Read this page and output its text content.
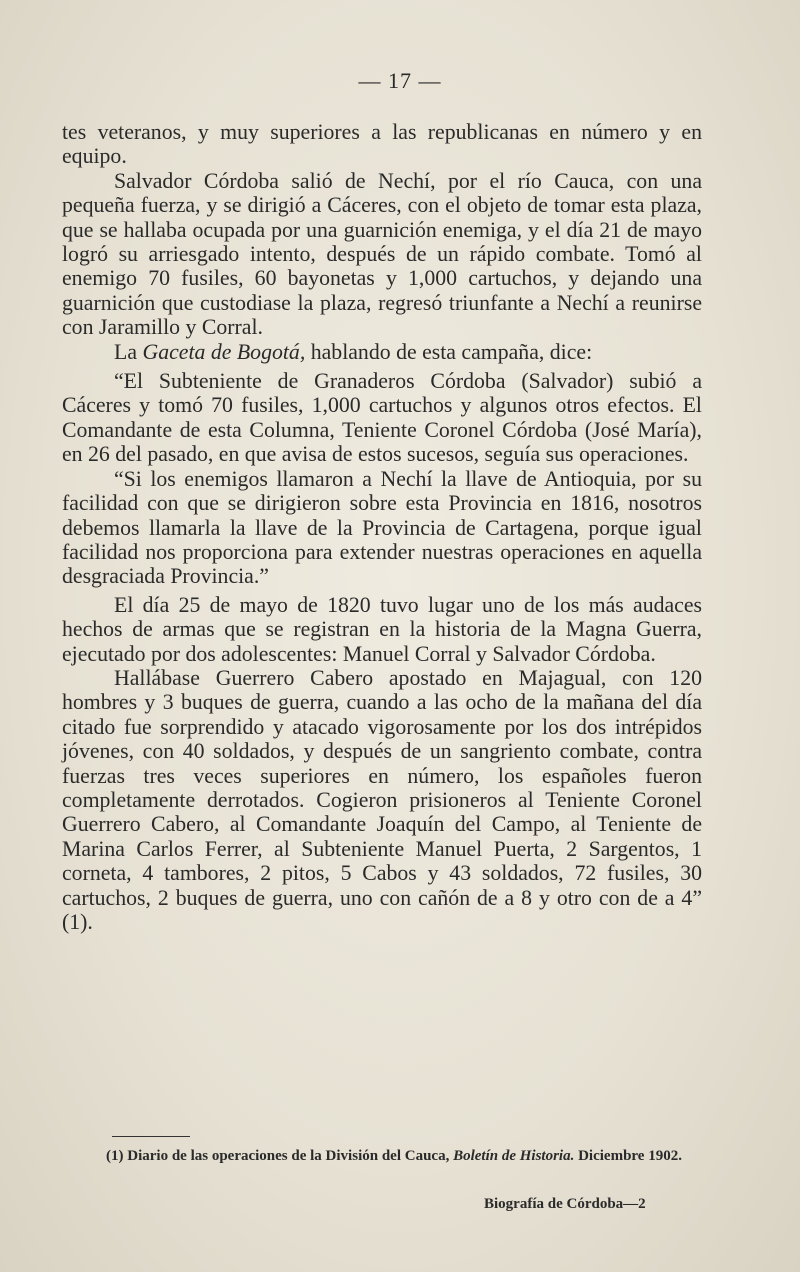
— 17 —

tes veteranos, y muy superiores a las republicanas en número y en equipo.

Salvador Córdoba salió de Nechí, por el río Cauca, con una pequeña fuerza, y se dirigió a Cáceres, con el objeto de tomar esta plaza, que se hallaba ocupada por una guarnición enemiga, y el día 21 de mayo logró su arriesgado intento, después de un rápido combate. Tomó al enemigo 70 fusiles, 60 bayonetas y 1,000 cartuchos, y dejando una guarnición que custodiase la plaza, regresó triunfante a Nechí a reunirse con Jaramillo y Corral.

La Gaceta de Bogotá, hablando de esta campaña, dice:

“El Subteniente de Granaderos Córdoba (Salvador) subió a Cáceres y tomó 70 fusiles, 1,000 cartuchos y algunos otros efectos. El Comandante de esta Columna, Teniente Coronel Córdoba (José María), en 26 del pasado, en que avisa de estos sucesos, seguía sus operaciones.

“Si los enemigos llamaron a Nechí la llave de Antioquia, por su facilidad con que se dirigieron sobre esta Provincia en 1816, nosotros debemos llamarla la llave de la Provincia de Cartagena, porque igual facilidad nos proporciona para extender nuestras operaciones en aquella desgraciada Provincia.”

El día 25 de mayo de 1820 tuvo lugar uno de los más audaces hechos de armas que se registran en la historia de la Magna Guerra, ejecutado por dos adolescentes: Manuel Corral y Salvador Córdoba.

Hallábase Guerrero Cabero apostado en Majagual, con 120 hombres y 3 buques de guerra, cuando a las ocho de la mañana del día citado fue sorprendido y atacado vigorosamente por los dos intrépidos jóvenes, con 40 soldados, y después de un sangriento combate, contra fuerzas tres veces superiores en número, los españoles fueron completamente derrotados. Cogieron prisioneros al Teniente Coronel Guerrero Cabero, al Comandante Joaquín del Campo, al Teniente de Marina Carlos Ferrer, al Subteniente Manuel Puerta, 2 Sargentos, 1 corneta, 4 tambores, 2 pitos, 5 Cabos y 43 soldados, 72 fusiles, 30 cartuchos, 2 buques de guerra, uno con cañón de a 8 y otro con de a 4” (1).

(1) Diario de las operaciones de la División del Cauca, Boletín de Historia. Diciembre 1902.
Biografía de Córdoba—2
